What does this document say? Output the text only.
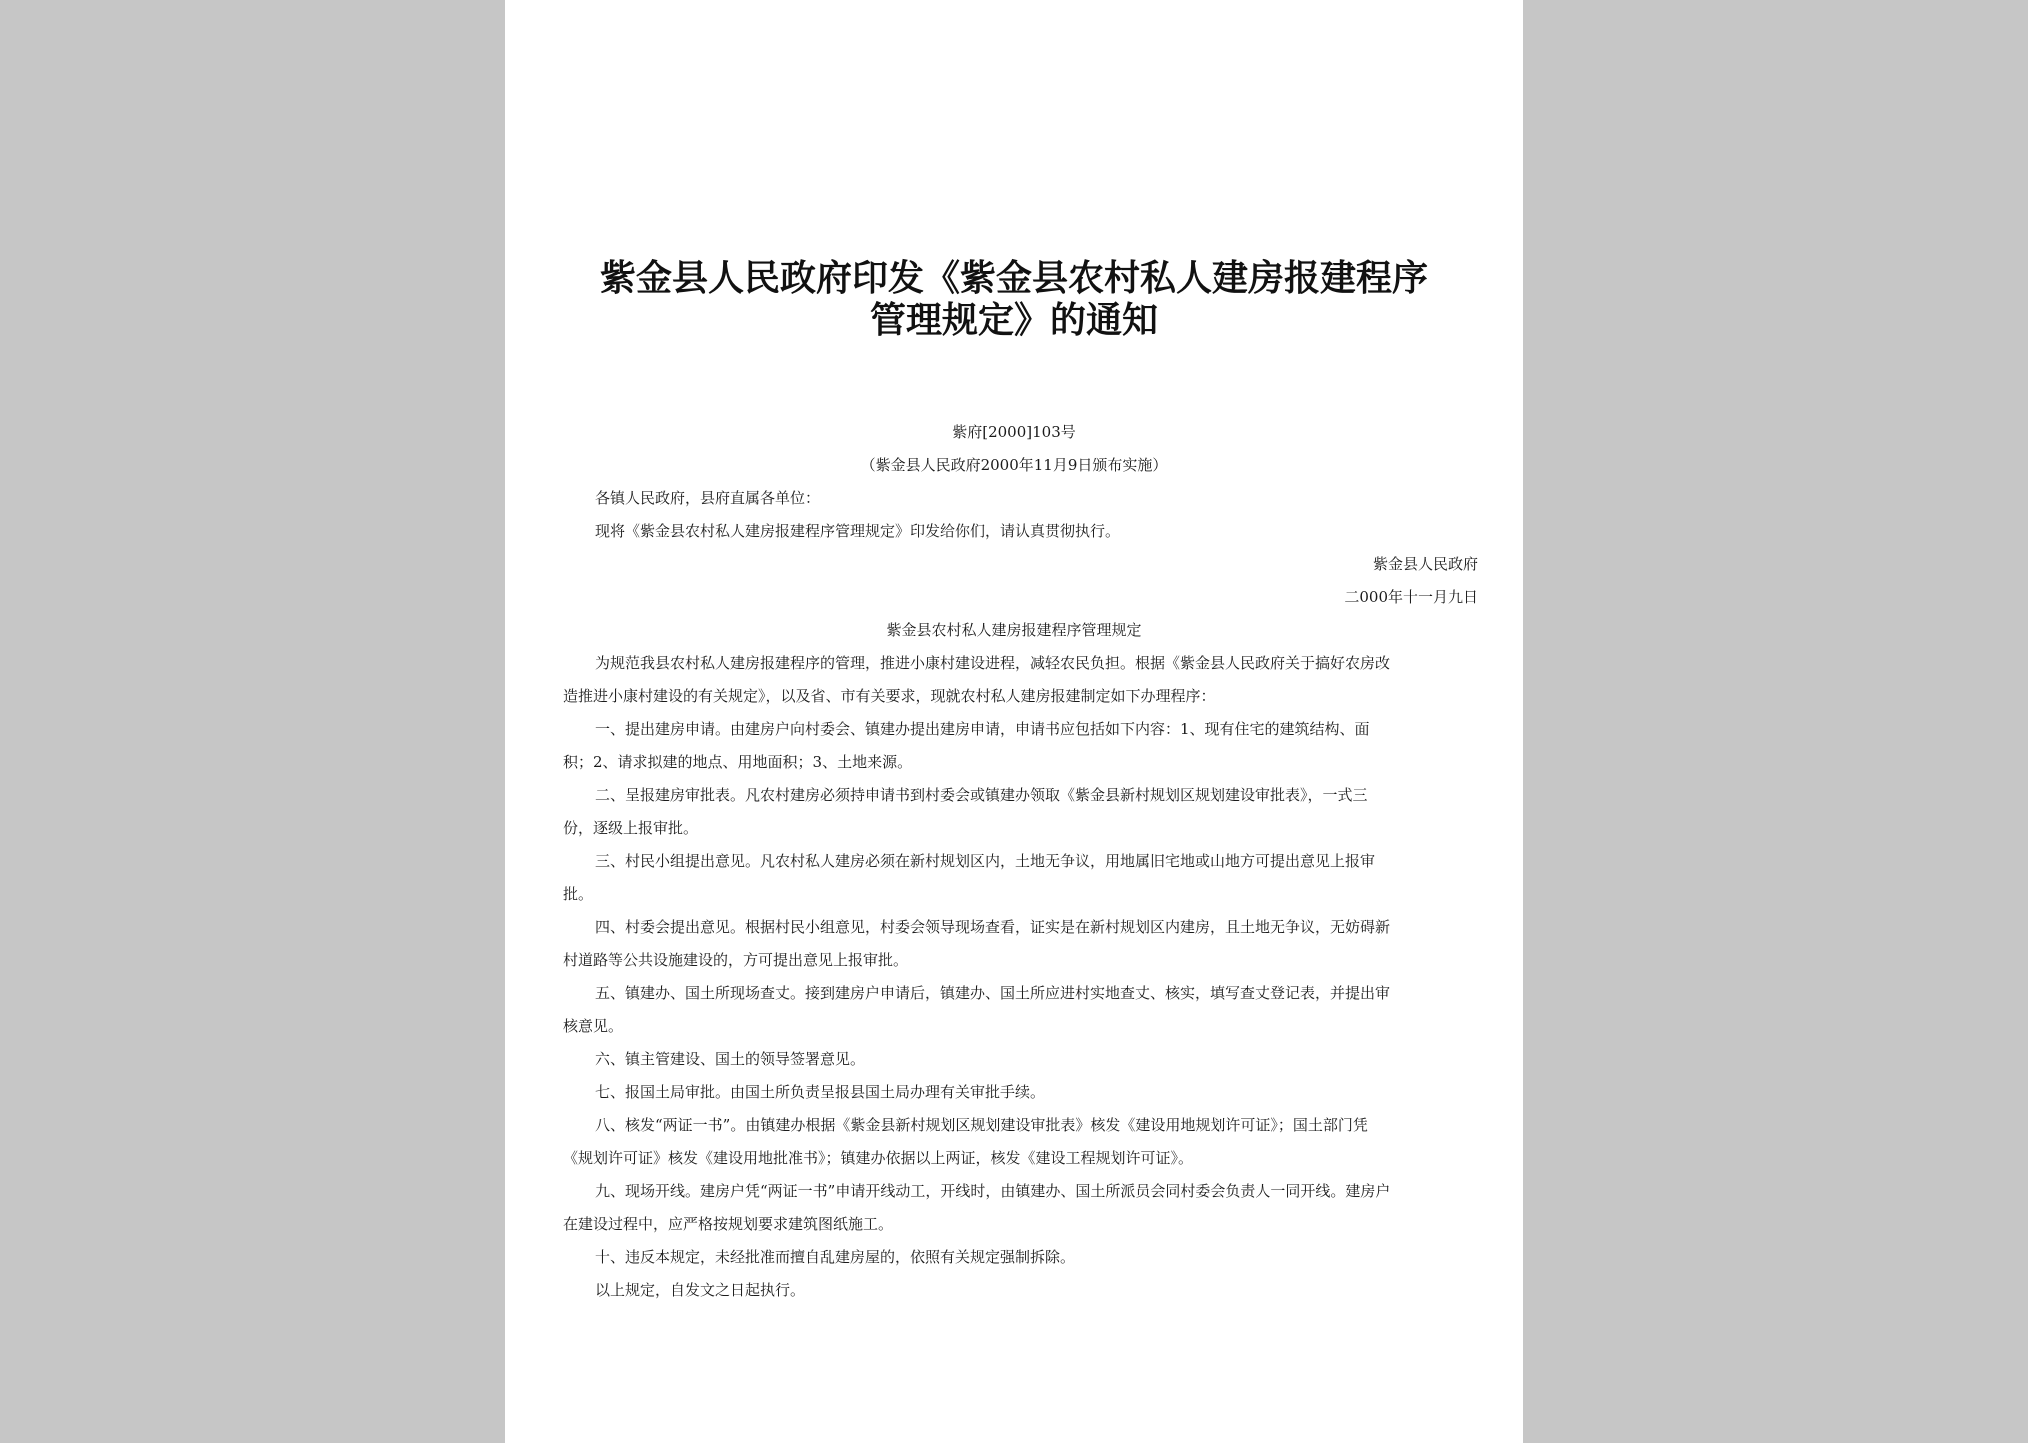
紫金县人民政府印发《紫金县农村私人建房报建程序
管理规定》的通知
紫府[2000]103号
（紫金县人民政府2000年11月9日颁布实施）
各镇人民政府，县府直属各单位：
现将《紫金县农村私人建房报建程序管理规定》印发给你们，请认真贯彻执行。
紫金县人民政府
二000年十一月九日
紫金县农村私人建房报建程序管理规定
为规范我县农村私人建房报建程序的管理，推进小康村建设进程，减轻农民负担。根据《紫金县人民政府关于搞好农房改
造推进小康村建设的有关规定》，以及省、市有关要求，现就农村私人建房报建制定如下办理程序：
一、提出建房申请。由建房户向村委会、镇建办提出建房申请，申请书应包括如下内容：1、现有住宅的建筑结构、面
积；2、请求拟建的地点、用地面积；3、土地来源。
二、呈报建房审批表。凡农村建房必须持申请书到村委会或镇建办领取《紫金县新村规划区规划建设审批表》，一式三
份，逐级上报审批。
三、村民小组提出意见。凡农村私人建房必须在新村规划区内，土地无争议，用地属旧宅地或山地方可提出意见上报审
批。
四、村委会提出意见。根据村民小组意见，村委会领导现场查看，证实是在新村规划区内建房，且土地无争议，无妨碍新
村道路等公共设施建设的，方可提出意见上报审批。
五、镇建办、国土所现场查丈。接到建房户申请后，镇建办、国土所应进村实地查丈、核实，填写查丈登记表，并提出审
核意见。
六、镇主管建设、国土的领导签署意见。
七、报国土局审批。由国土所负责呈报县国土局办理有关审批手续。
八、核发“两证一书”。由镇建办根据《紫金县新村规划区规划建设审批表》核发《建设用地规划许可证》；国土部门凭
《规划许可证》核发《建设用地批准书》；镇建办依据以上两证，核发《建设工程规划许可证》。
九、现场开线。建房户凭“两证一书”申请开线动工，开线时，由镇建办、国土所派员会同村委会负责人一同开线。建房户
在建设过程中，应严格按规划要求建筑图纸施工。
十、违反本规定，未经批准而擅自乱建房屋的，依照有关规定强制拆除。
以上规定，自发文之日起执行。
